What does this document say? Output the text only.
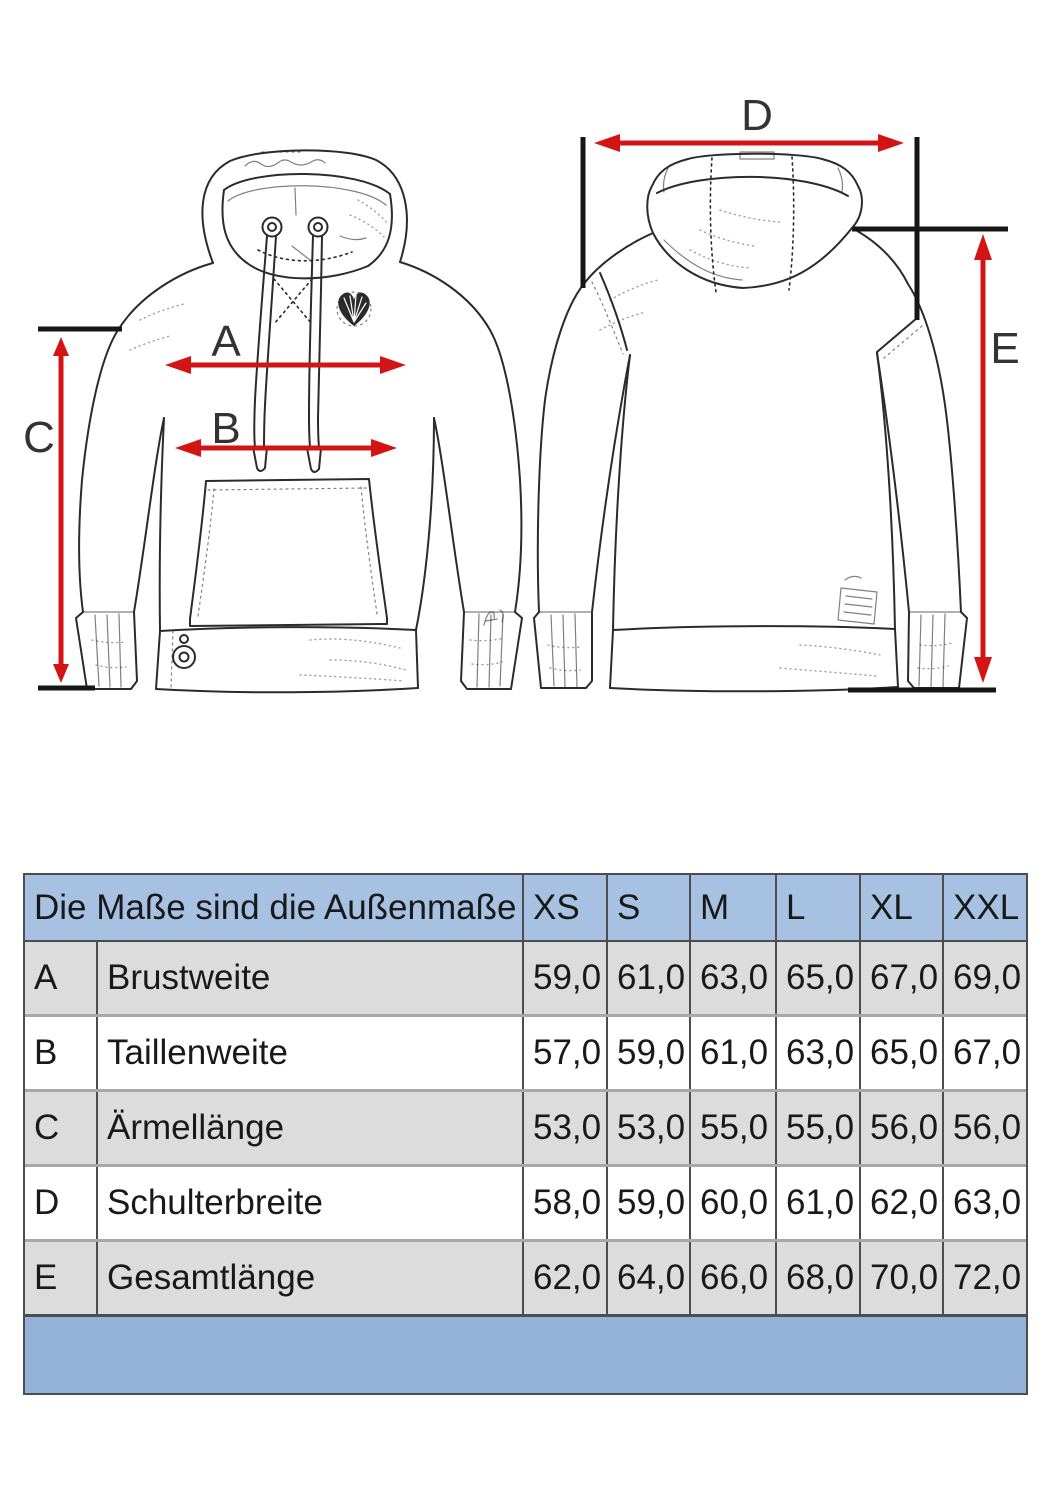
A
B
C
D
E
Die Maße sind die Außenmaße XS	S	M	L	XL	XXL
A	Brustweite	59,0 61,0 63,0 65,0 67,0 69,0
B	Taillenweite	57,0 59,0 61,0 63,0 65,0 67,0
C	Ärmellänge	53,0 53,0 55,0 55,0 56,0 56,0
D	Schulterbreite	58,0 59,0 60,0 61,0 62,0 63,0
E	Gesamtlänge	62,0 64,0 66,0 68,0 70,0 72,0
